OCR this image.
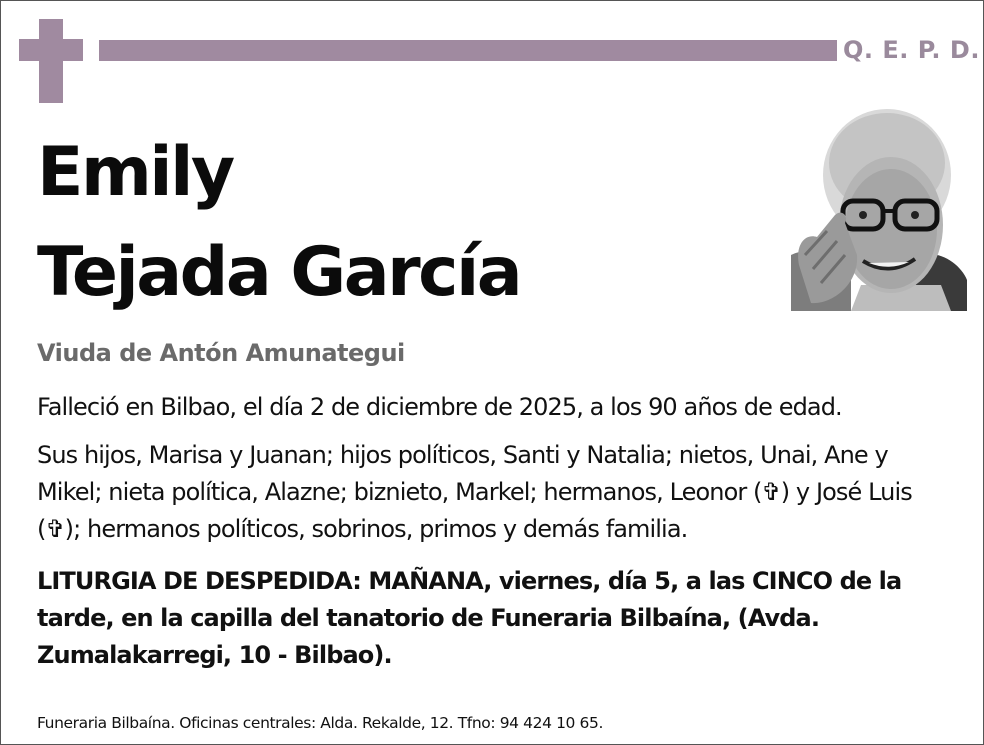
Q. E. P. D.
Emily
Tejada García
Viuda de Antón Amunategui
Falleció en Bilbao, el día 2 de diciembre de 2025, a los 90 años de edad.
Sus hijos, Marisa y Juanan; hijos políticos, Santi y Natalia; nietos, Unai, Ane y Mikel; nieta política, Alazne; biznieto, Markel; hermanos, Leonor (✞) y José Luis (✞); hermanos políticos, sobrinos, primos y demás familia.
LITURGIA DE DESPEDIDA: MAÑANA, viernes, día 5, a las CINCO de la tarde, en la capilla del tanatorio de Funeraria Bilbaína, (Avda. Zumalakarregi, 10 - Bilbao).
Funeraria Bilbaína. Oficinas centrales: Alda. Rekalde, 12. Tfno: 94 424 10 65.
